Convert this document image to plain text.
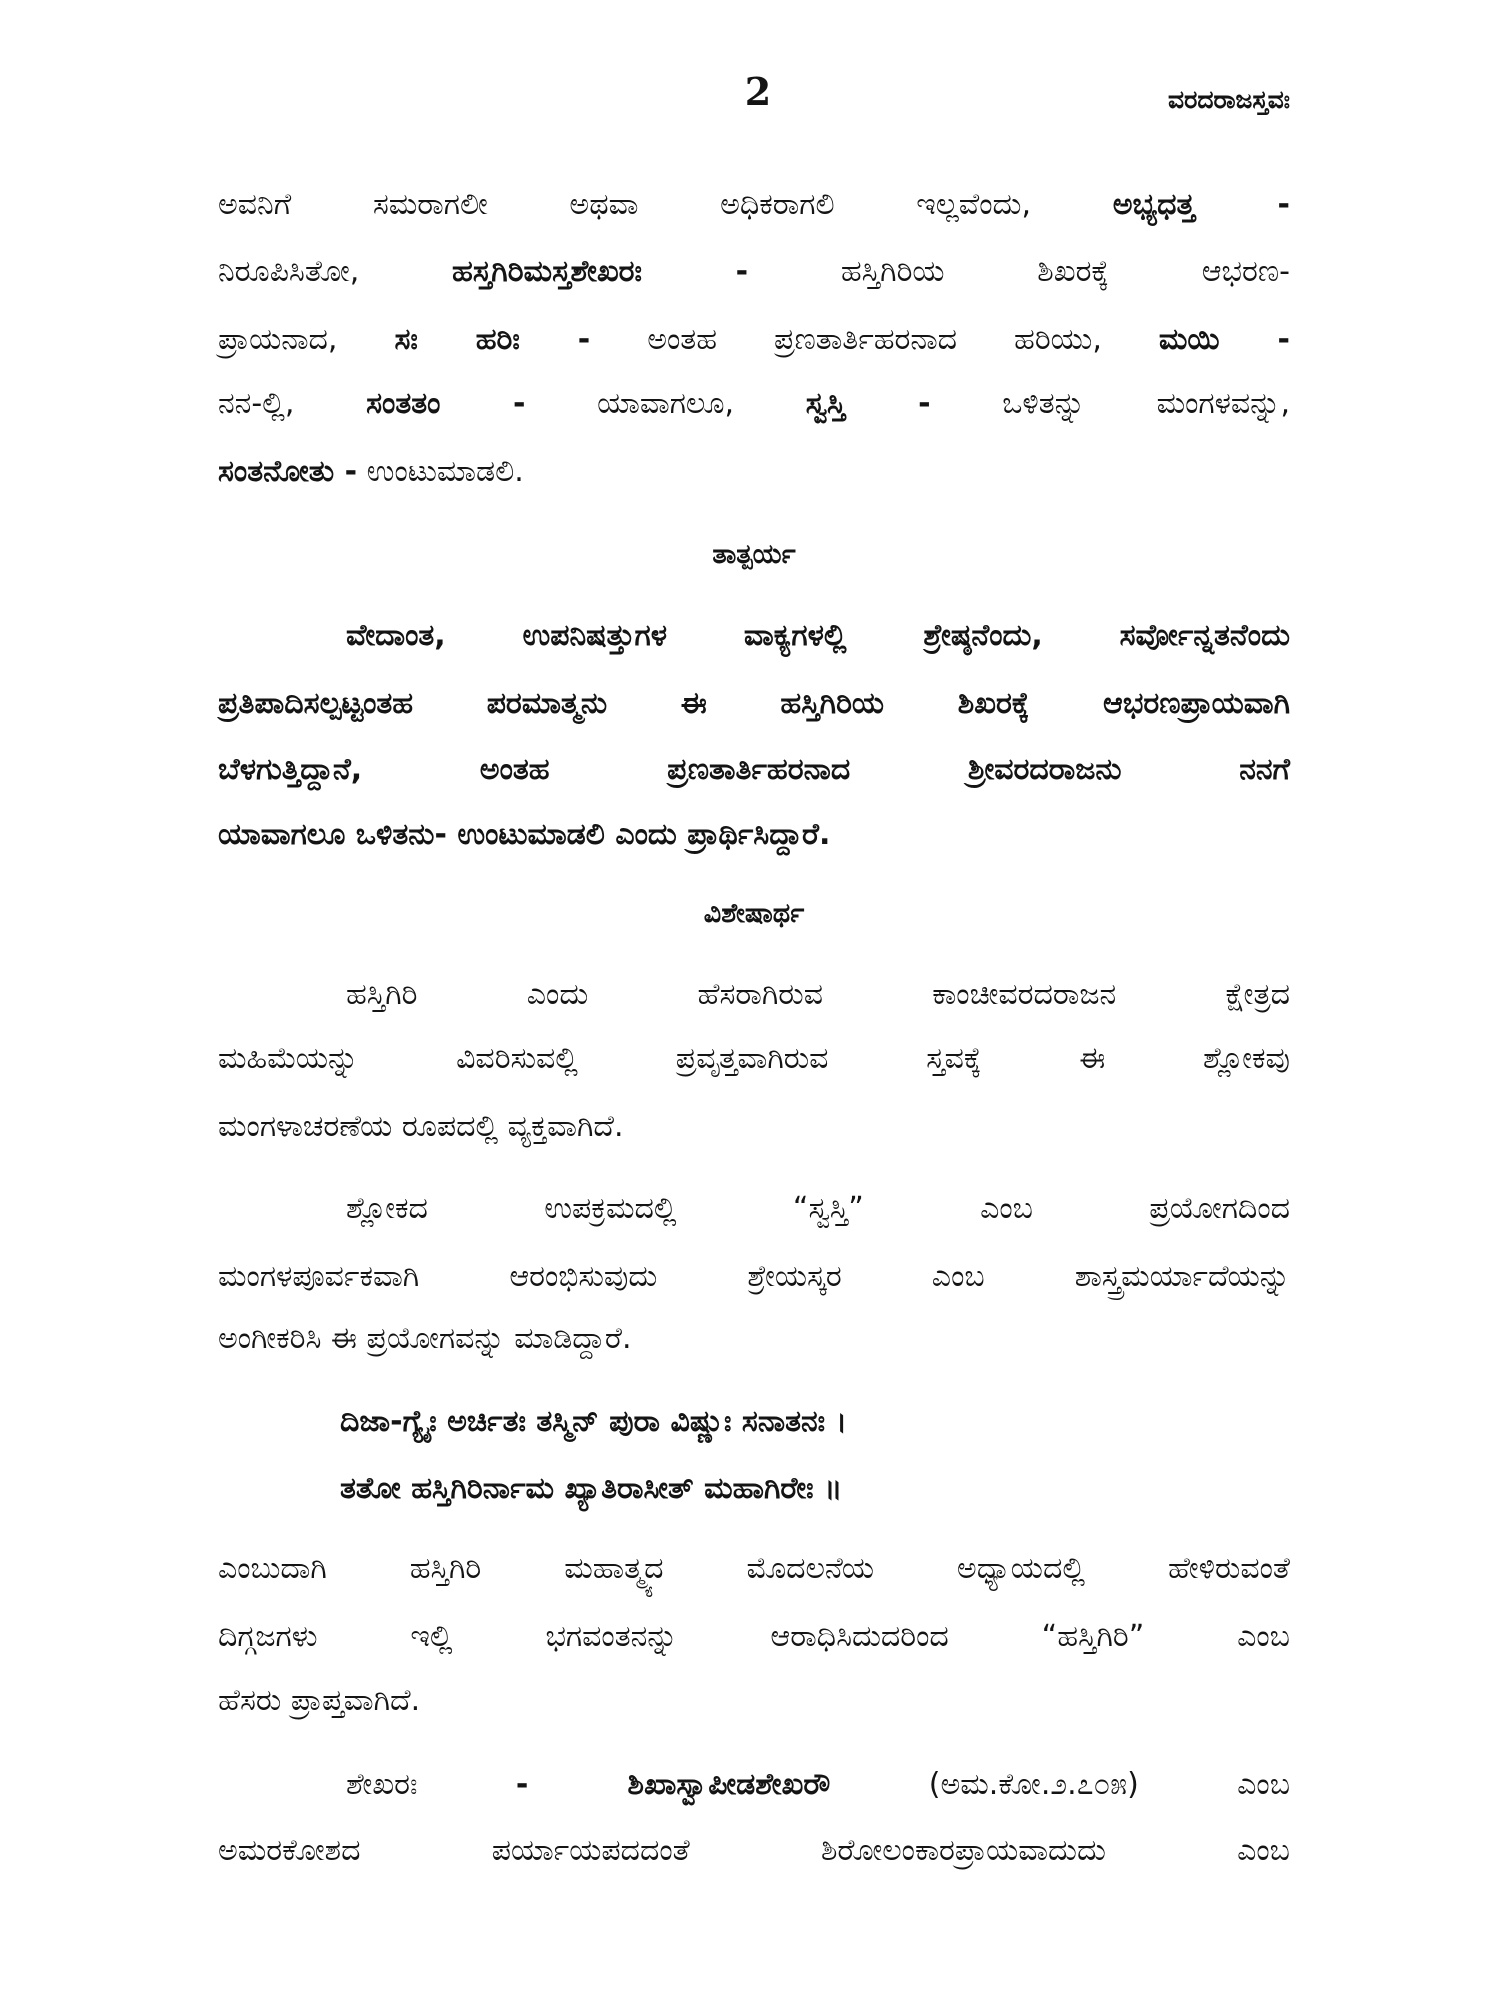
2	ವರದರಾಜಸ್ತವಃ
ಅವನಿಗೆ ಸಮರಾಗಲೀ ಅಥವಾ ಅಧಿಕರಾಗಲಿ ಇಲ್ಲವೆಂದು,	ಅಭ್ಯಧತ್ತ -
ನಿರೂಪಿಸಿತೋ,	ಹಸ್ತಗಿರಿಮಸ್ತಶೇಖರಃ -	ಹಸ್ತಿಗಿರಿಯ ಶಿಖರಕ್ಕೆ ಆಭರಣ-
ಪ್ರಾಯನಾದ, ಸಃ ಹರಿಃ - ಅಂತಹ ಪ್ರಣತಾರ್ತಿಹರನಾದ ಹರಿಯು, ಮಯಿ -
ನನ-ಲ್ಲಿ, ಸಂತತಂ - ಯಾವಾಗಲೂ, ಸ್ವಸ್ತಿ - ಒಳಿತನ್ನು ಮಂಗಳವನ್ನು,
ಸಂತನೋತು - ಉಂಟುಮಾಡಲಿ.
ತಾತ್ಪರ್ಯ
ವೇದಾಂತ, ಉಪನಿಷತ್ತುಗಳ ವಾಕ್ಯಗಳಲ್ಲಿ ಶ್ರೇಷ್ಠನೆಂದು, ಸರ್ವೋನ್ನತನೆಂದು
ಪ್ರತಿಪಾದಿಸಲ್ಪಟ್ಟಂತಹ ಪರಮಾತ್ಮನು ಈ ಹಸ್ತಿಗಿರಿಯ ಶಿಖರಕ್ಕೆ ಆಭರಣಪ್ರಾಯವಾಗಿ
ಬೆಳಗುತ್ತಿದ್ದಾನೆ, ಅಂತಹ ಪ್ರಣತಾರ್ತಿಹರನಾದ ಶ್ರೀವರದರಾಜನು ನನಗೆ
ಯಾವಾಗಲೂ ಒಳಿತನು- ಉಂಟುಮಾಡಲಿ ಎಂದು ಪ್ರಾರ್ಥಿಸಿದ್ದಾರೆ.
ವಿಶೇಷಾರ್ಥ
ಹಸ್ತಿಗಿರಿ ಎಂದು ಹೆಸರಾಗಿರುವ ಕಾಂಚೀವರದರಾಜನ ಕ್ಷೇತ್ರದ
ಮಹಿಮೆಯನ್ನು ವಿವರಿಸುವಲ್ಲಿ ಪ್ರವೃತ್ತವಾಗಿರುವ ಸ್ತವಕ್ಕೆ ಈ ಶ್ಲೋಕವು
ಮಂಗಳಾಚರಣೆಯ ರೂಪದಲ್ಲಿ ವ್ಯಕ್ತವಾಗಿದೆ.
ಶ್ಲೋಕದ ಉಪಕ್ರಮದಲ್ಲಿ “ಸ್ವಸ್ತಿ” ಎಂಬ ಪ್ರಯೋಗದಿಂದ
ಮಂಗಳಪೂರ್ವಕವಾಗಿ ಆರಂಭಿಸುವುದು ಶ್ರೇಯಸ್ಕರ ಎಂಬ ಶಾಸ್ತ್ರಮರ್ಯಾದೆಯನ್ನು
ಅಂಗೀಕರಿಸಿ ಈ ಪ್ರಯೋಗವನ್ನು ಮಾಡಿದ್ದಾರೆ.
ದಿಜಾ-ಗ್ಯೈಃ ಅರ್ಚಿತಃ ತಸ್ಮಿನ್ ಪುರಾ ವಿಷ್ಣುಃ ಸನಾತನಃ ।
ತತೋ ಹಸ್ತಿಗಿರಿರ್ನಾಮ ಖ್ಯಾತಿರಾಸೀತ್ ಮಹಾಗಿರೇಃ ॥
ಎಂಬುದಾಗಿ ಹಸ್ತಿಗಿರಿ ಮಹಾತ್ಮ್ಯದ ಮೊದಲನೆಯ ಅಧ್ಯಾಯದಲ್ಲಿ ಹೇಳಿರುವಂತೆ
ದಿಗ್ಗಜಗಳು ಇಲ್ಲಿ ಭಗವಂತನನ್ನು ಆರಾಧಿಸಿದುದರಿಂದ “ಹಸ್ತಿಗಿರಿ” ಎಂಬ
ಹೆಸರು ಪ್ರಾಪ್ತವಾಗಿದೆ.
ಶೇಖರಃ	- ಶಿಖಾಸ್ವಾಪೀಡಶೇಖರೌ	(ಅಮ.ಕೋ.೨.೭೦೫) ಎಂಬ
ಅಮರಕೋಶದ ಪರ್ಯಾಯಪದದಂತೆ ಶಿರೋಲಂಕಾರಪ್ರಾಯವಾದುದು ಎಂಬ
